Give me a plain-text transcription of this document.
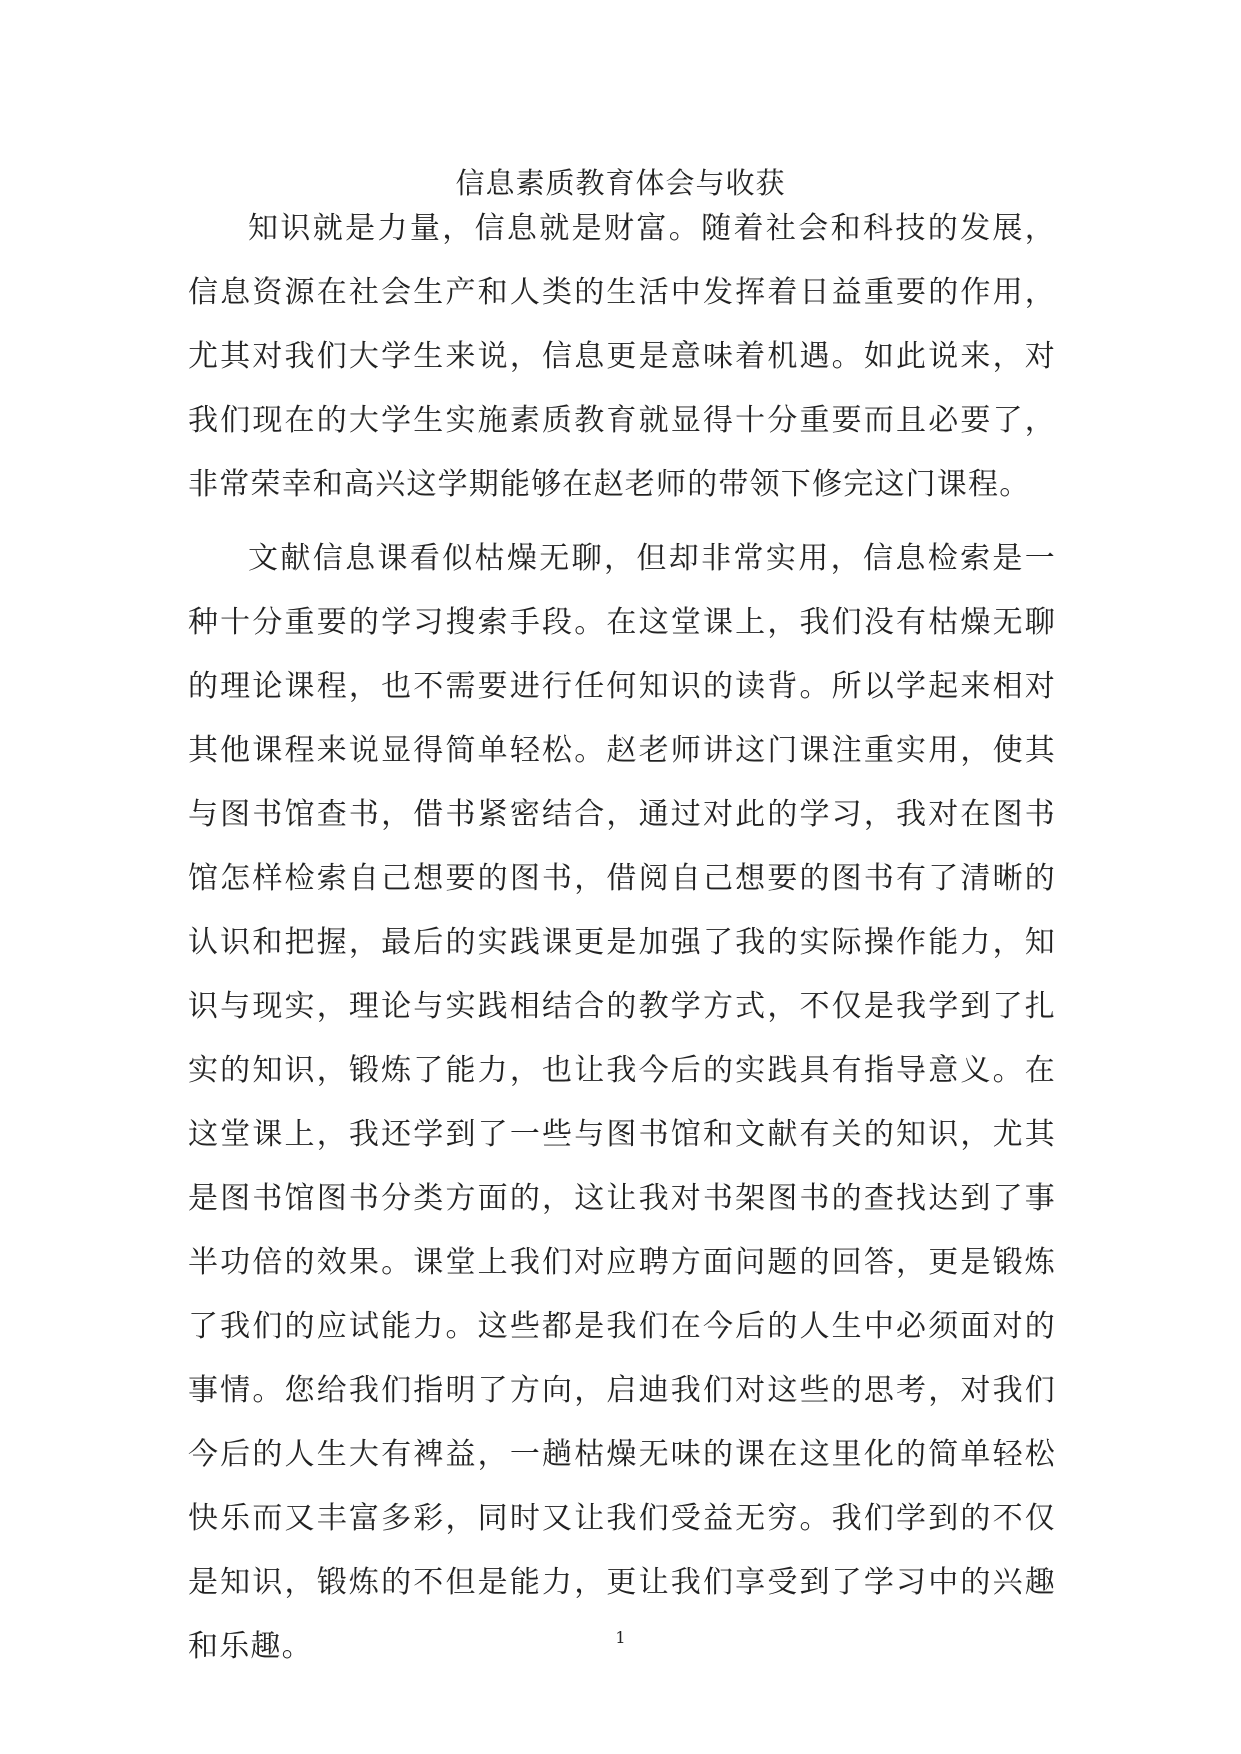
信息素质教育体会与收获

知识就是力量，信息就是财富。随着社会和科技的发展，信息资源在社会生产和人类的生活中发挥着日益重要的作用，尤其对我们大学生来说，信息更是意味着机遇。如此说来，对我们现在的大学生实施素质教育就显得十分重要而且必要了，非常荣幸和高兴这学期能够在赵老师的带领下修完这门课程。

文献信息课看似枯燥无聊，但却非常实用，信息检索是一种十分重要的学习搜索手段。在这堂课上，我们没有枯燥无聊的理论课程，也不需要进行任何知识的读背。所以学起来相对其他课程来说显得简单轻松。赵老师讲这门课注重实用，使其与图书馆查书，借书紧密结合，通过对此的学习，我对在图书馆怎样检索自己想要的图书，借阅自己想要的图书有了清晰的认识和把握，最后的实践课更是加强了我的实际操作能力，知识与现实，理论与实践相结合的教学方式，不仅是我学到了扎实的知识，锻炼了能力，也让我今后的实践具有指导意义。在这堂课上，我还学到了一些与图书馆和文献有关的知识，尤其是图书馆图书分类方面的，这让我对书架图书的查找达到了事半功倍的效果。课堂上我们对应聘方面问题的回答，更是锻炼了我们的应试能力。这些都是我们在今后的人生中必须面对的事情。您给我们指明了方向，启迪我们对这些的思考，对我们今后的人生大有裨益，一趟枯燥无味的课在这里化的简单轻松快乐而又丰富多彩，同时又让我们受益无穷。我们学到的不仅是知识，锻炼的不但是能力，更让我们享受到了学习中的兴趣和乐趣。	1
